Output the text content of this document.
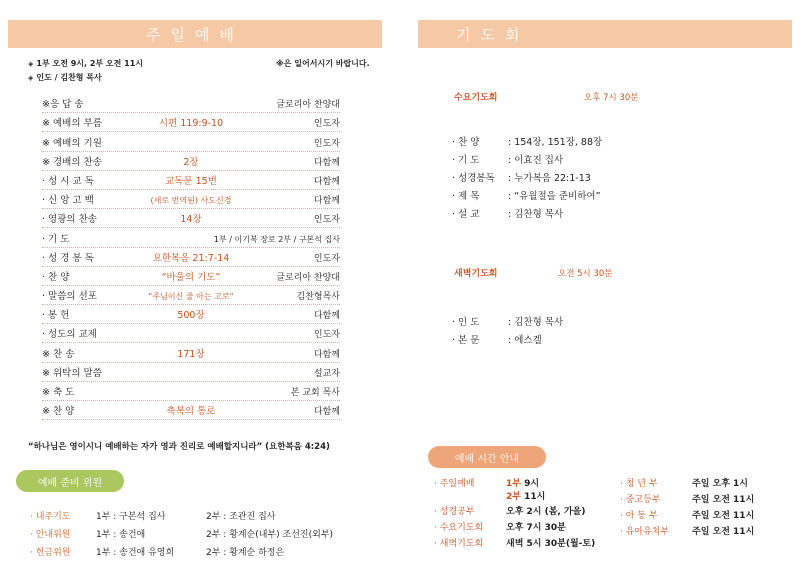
주일예배
◈ 1부 오전 9시, 2부 오전 11시	※은 일어서시기 바랍니다.
◈ 인도 / 김찬형 목사
※응 답 송	글로리아 찬양대
※ 예배의 부름	시편 119:9-10	인도자
※ 예배의 기원	인도자
※ 경배의 찬송	2장	다함께
· 성 시 교 독	교독문 15번	다함께
· 신 앙 고 백	(새로 번역된) 사도신경	다함께
· 영광의 찬송	14장	인도자
· 기 도	1부 / 이기복 장로 2부 / 구본석 집사
· 성 경 봉 독	요한복음 21:7-14	인도자
· 찬 양	“바울의 기도”	글로리아 찬양대
· 말씀의 선포	“주님이신 줄 아는 고로”	김찬형목사
· 봉 헌	500장	다함께
· 성도의 교제	인도자
※ 찬 송	171장	다함께
※ 위탁의 말씀	설교자
※ 축 도	본 교회 목사
※ 찬 양	축복의 통로	다함께
“하나님은 영이시니 예배하는 자가 영과 진리로 예배할지니라” (요한복음 4:24)
예배 준비 위원
· 내주기도	1부 : 구본석 집사	2부 : 조관진 집사
· 안내위원	1부 : 송건애	2부 : 황계순(내부) 조선진(외부)
· 헌금위원	1부 : 송건애 유영희	2부 : 황계순 하정은
기도회
수요기도회	오후 7시 30분
· 찬 양	: 154장, 151장, 88장
· 기 도	: 이효진 집사
· 성경봉독	: 누가복음 22:1-13
· 제 목	: “유월절을 준비하여”
· 설 교	: 김찬형 목사
새벽기도회	오전 5시 30분
· 인 도	: 김찬형 목사
· 본 문	: 에스겔
예배 시간 안내
· 주일예배	1부 9시
2부 11시
· 성경공부	오후 2시 (봄, 가을)
· 수요기도회	오후 7시 30분
· 새벽기도회	새벽 5시 30분(월-토)
· 청 년 부	주일 오후 1시
· 중고등부	주일 오전 11시
· 아 동 부	주일 오전 11시
· 유아유치부	주일 오전 11시
